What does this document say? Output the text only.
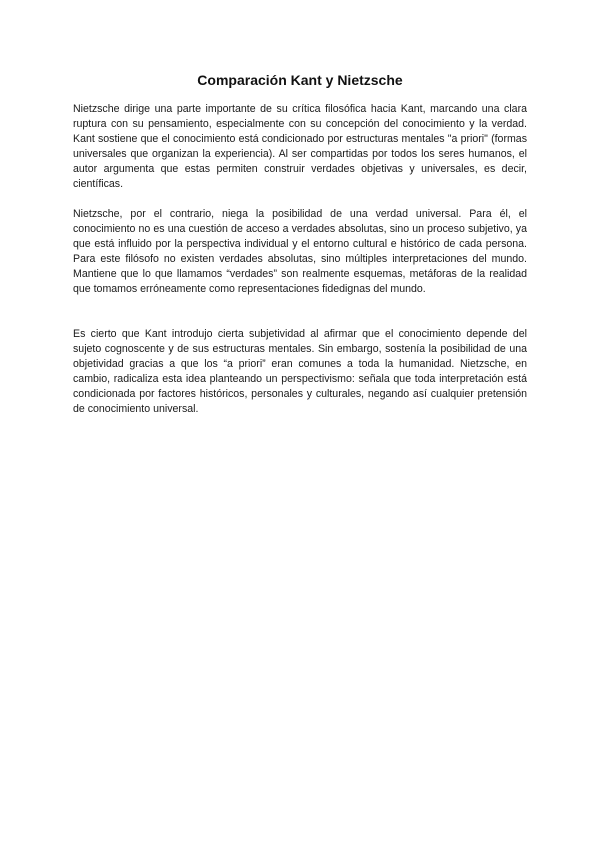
Comparación Kant y Nietzsche

Nietzsche dirige una parte importante de su crítica filosófica hacia Kant, marcando una clara ruptura con su pensamiento, especialmente con su concepción del conocimiento y la verdad. Kant sostiene que el conocimiento está condicionado por estructuras mentales "a priori" (formas universales que organizan la experiencia). Al ser compartidas por todos los seres humanos, el autor argumenta que estas permiten construir verdades objetivas y universales, es decir, científicas.

Nietzsche, por el contrario, niega la posibilidad de una verdad universal. Para él, el conocimiento no es una cuestión de acceso a verdades absolutas, sino un proceso subjetivo, ya que está influido por la perspectiva individual y el entorno cultural e histórico de cada persona. Para este filósofo no existen verdades absolutas, sino múltiples interpretaciones del mundo. Mantiene que lo que llamamos “verdades” son realmente esquemas, metáforas de la realidad que tomamos erróneamente como representaciones fidedignas del mundo.

Es cierto que Kant introdujo cierta subjetividad al afirmar que el conocimiento depende del sujeto cognoscente y de sus estructuras mentales. Sin embargo, sostenía la posibilidad de una objetividad gracias a que los “a priori” eran comunes a toda la humanidad. Nietzsche, en cambio, radicaliza esta idea planteando un perspectivismo: señala que toda interpretación está condicionada por factores históricos, personales y culturales, negando así cualquier pretensión de conocimiento universal.
